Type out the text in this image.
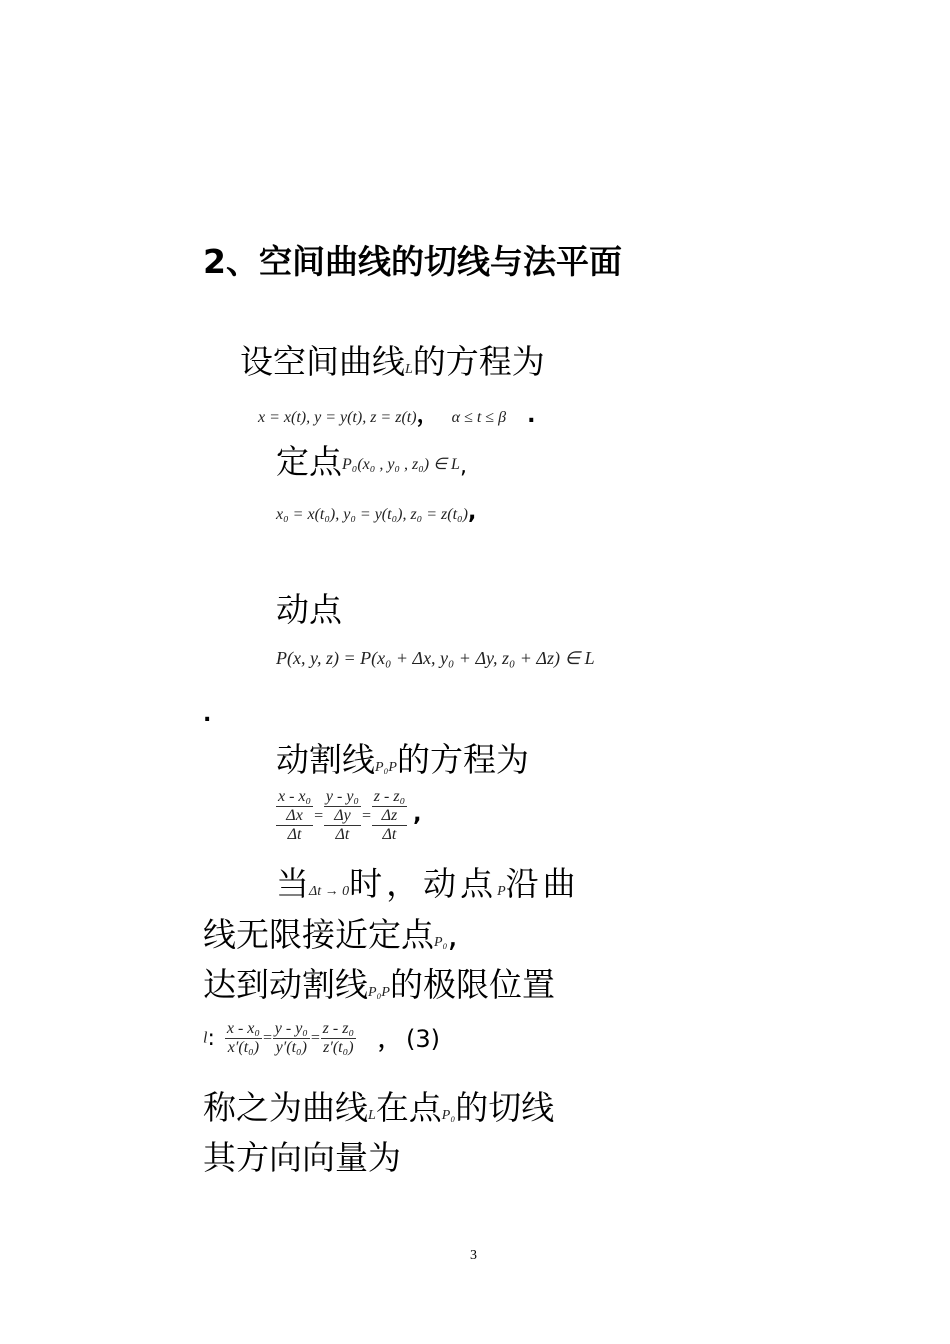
2、空间曲线的切线与法平面
设空间曲线L的方程为
x = x(t), y = y(t), z = z(t)， α ≤ t ≤ β .
定点P₀(x₀ , y₀ , z₀) ∈ L,
x₀ = x(t₀), y₀ = y(t₀), z₀ = z(t₀),
动点
P(x, y, z) = P(x₀ + Δx, y₀ + Δy, z₀ + Δz) ∈ L
.
动割线P₀P的方程为
x - x₀
Δx
Δt
=
y - y₀
Δy
Δt
=
z - z₀
Δz
Δt
,
当Δt → 0时，动点P沿曲
线无限接近定点P₀,
达到动割线P₀P的极限位置
l: $\frac{\text{x - x₀}}{\text{x′(t₀)}} = \frac{\text{y - y₀}}{\text{y′(t₀)}} = \frac{\text{z - z₀}}{\text{z′(t₀)}}$ ， (3)
称之为曲线L在点P₀的切线
其方向向量为
3
